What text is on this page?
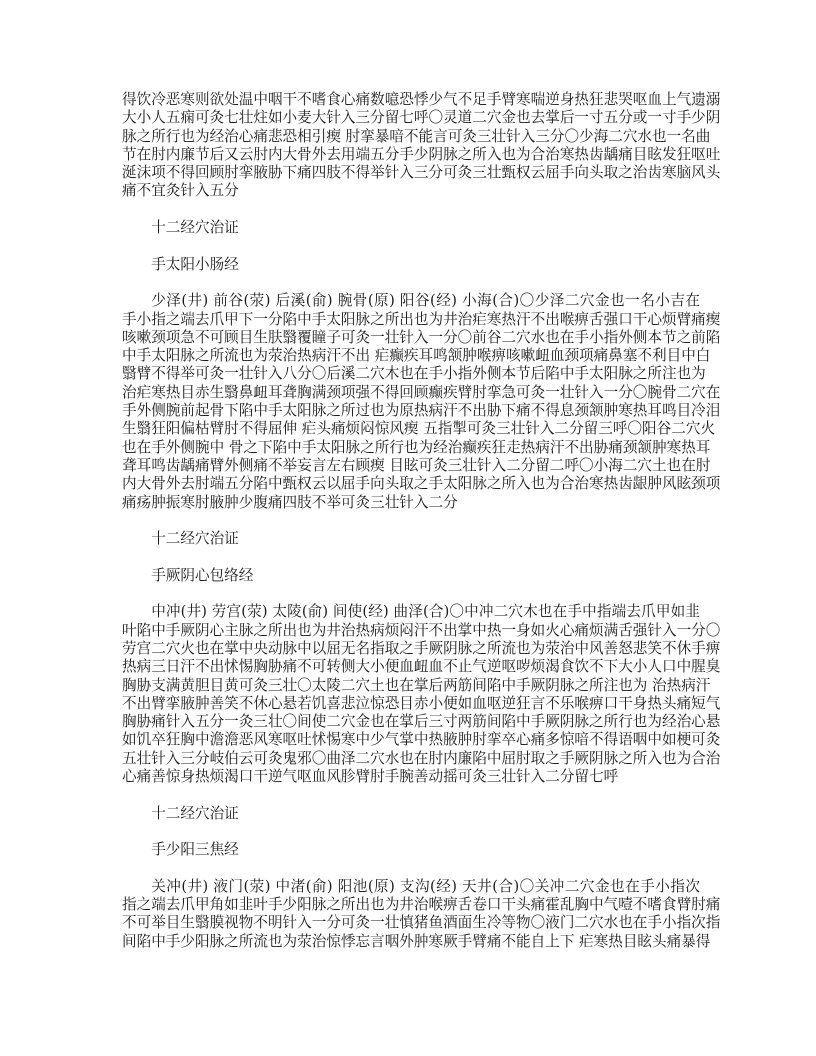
得饮冷恶寒则欲处温中咽干不嗜食心痛数噫恐悸少气不足手臂寒喘逆身热狂悲哭呕血上气遗溺
大小人五痫可灸七壮炷如小麦大针入三分留七呼〇灵道二穴金也去掌后一寸五分或一寸手少阴
脉之所行也为经治心痛悲恐相引瘈 肘挛暴喑不能言可灸三壮针入三分〇少海二穴水也一名曲
节在肘内廉节后又云肘内大骨外去用端五分手少阴脉之所入也为合治寒热齿龋痛目眩发狂呕吐
涎沫项不得回顾肘挛腋胁下痛四肢不得举针入三分可灸三壮甄权云屈手向头取之治齿寒脑风头
痛不宜灸针入五分
十二经穴治证
手太阳小肠经
少泽(井) 前谷(荥) 后溪(俞) 腕骨(原) 阳谷(经) 小海(合)〇少泽二穴金也一名小吉在
手小指之端去爪甲下一分陷中手太阳脉之所出也为井治疟寒热汗不出喉痹舌强口干心烦臂痛瘈
咳嗽颈项急不可顾目生肤翳覆瞳子可灸一壮针入一分〇前谷二穴水也在手小指外侧本节之前陷
中手太阳脉之所流也为荥治热病汗不出 疟癫疾耳鸣颔肿喉痹咳嗽衄血颈项痛鼻塞不利目中白
翳臂不得举可灸一壮针入八分〇后溪二穴木也在手小指外侧本节后陷中手太阳脉之所注也为
治疟寒热目赤生翳鼻衄耳聋胸满颈项强不得回顾癫疾臂肘挛急可灸一壮针入一分〇腕骨二穴在
手外侧腕前起骨下陷中手太阳脉之所过也为原热病汗不出胁下痛不得息颈颔肿寒热耳鸣目冷泪
生翳狂阳偏枯臂肘不得屈伸 疟头痛烦闷惊风瘈 五指掣可灸三壮针入二分留三呼〇阳谷二穴火
也在手外侧腕中 骨之下陷中手太阳脉之所行也为经治癫疾狂走热病汗不出胁痛颈颔肿寒热耳
聋耳鸣齿龋痛臂外侧痛不举妄言左右顾瘈 目眩可灸三壮针入二分留二呼〇小海二穴土也在肘
内大骨外去肘端五分陷中甄权云以屈手向头取之手太阳脉之所入也为合治寒热齿龈肿风眩颈项
痛疡肿振寒肘腋肿少腹痛四肢不举可灸三壮针入二分
十二经穴治证
手厥阴心包络经
中冲(井) 劳宫(荥) 太陵(俞) 间使(经) 曲泽(合)〇中冲二穴木也在手中指端去爪甲如韭
叶陷中手厥阴心主脉之所出也为井治热病烦闷汗不出掌中热一身如火心痛烦满舌强针入一分〇
劳宫二穴火也在掌中央动脉中以屈无名指取之手厥阴脉之所流也为荥治中风善怒悲笑不休手痹
热病三日汗不出怵惕胸胁痛不可转侧大小便血衄血不止气逆呕哕烦渴食饮不下大小人口中腥臭
胸胁支满黄胆目黄可灸三壮〇太陵二穴土也在掌后两筋间陷中手厥阴脉之所注也为 治热病汗
不出臂挛腋肿善笑不休心悬若饥喜悲泣惊恐目赤小便如血呕逆狂言不乐喉痹口干身热头痛短气
胸胁痛针入五分一灸三壮〇间使二穴金也在掌后三寸两筋间陷中手厥阴脉之所行也为经治心悬
如饥卒狂胸中澹澹恶风寒呕吐怵惕寒中少气掌中热腋肿肘挛卒心痛多惊喑不得语咽中如梗可灸
五壮针入三分岐伯云可灸鬼邪〇曲泽二穴水也在肘内廉陷中屈肘取之手厥阴脉之所入也为合治
心痛善惊身热烦渴口干逆气呕血风胗臂肘手腕善动摇可灸三壮针入二分留七呼
十二经穴治证
手少阳三焦经
关冲(井) 液门(荥) 中渚(俞) 阳池(原) 支沟(经) 天井(合)〇关冲二穴金也在手小指次
指之端去爪甲角如韭叶手少阳脉之所出也为井治喉痹舌卷口干头痛霍乱胸中气噎不嗜食臂肘痛
不可举目生翳膜视物不明针入一分可灸一壮慎猪鱼酒面生冷等物〇液门二穴水也在手小指次指
间陷中手少阳脉之所流也为荥治惊悸忘言咽外肿寒厥手臂痛不能自上下 疟寒热目眩头痛暴得
